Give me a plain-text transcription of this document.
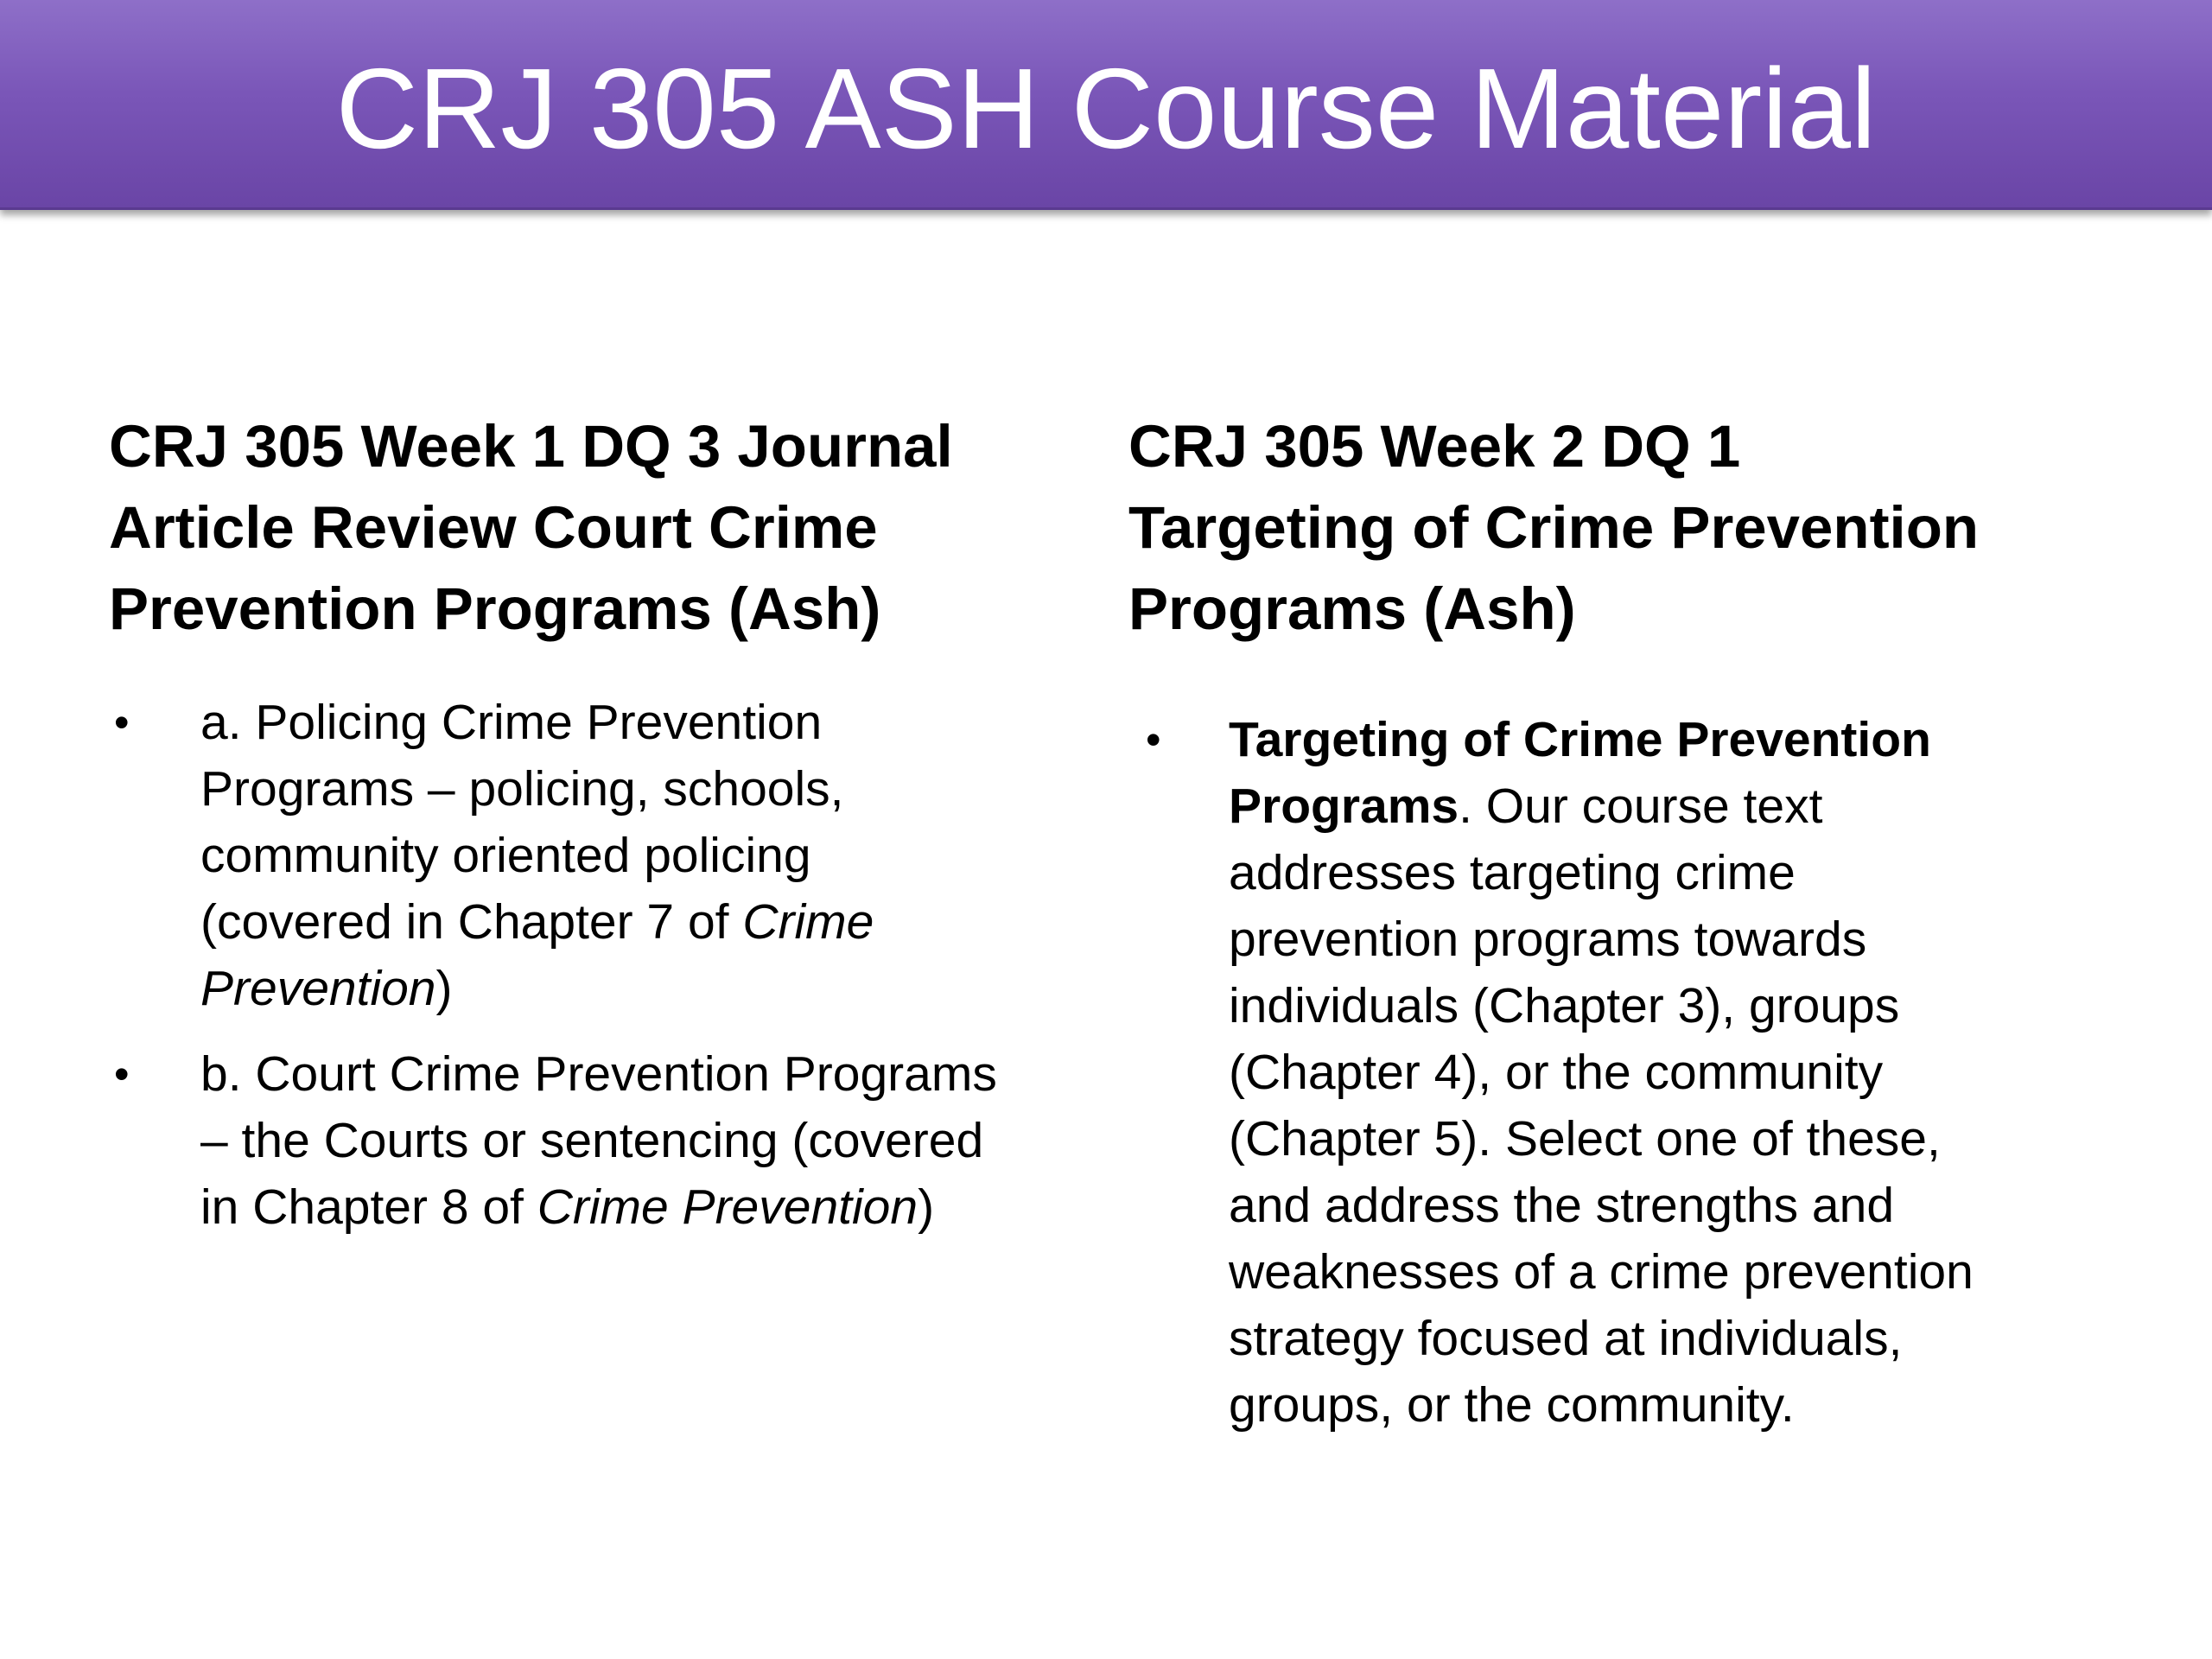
CRJ 305 ASH Course Material
CRJ 305 Week 1 DQ 3 Journal Article Review Court Crime Prevention Programs (Ash)
• a. Policing Crime Prevention Programs – policing, schools, community oriented policing (covered in Chapter 7 of Crime Prevention)
• b. Court Crime Prevention Programs – the Courts or sentencing (covered in Chapter 8 of Crime Prevention)
CRJ 305 Week 2 DQ 1 Targeting of Crime Prevention Programs (Ash)
• Targeting of Crime Prevention Programs. Our course text addresses targeting crime prevention programs towards individuals (Chapter 3), groups (Chapter 4), or the community (Chapter 5). Select one of these, and address the strengths and weaknesses of a crime prevention strategy focused at individuals, groups, or the community.
